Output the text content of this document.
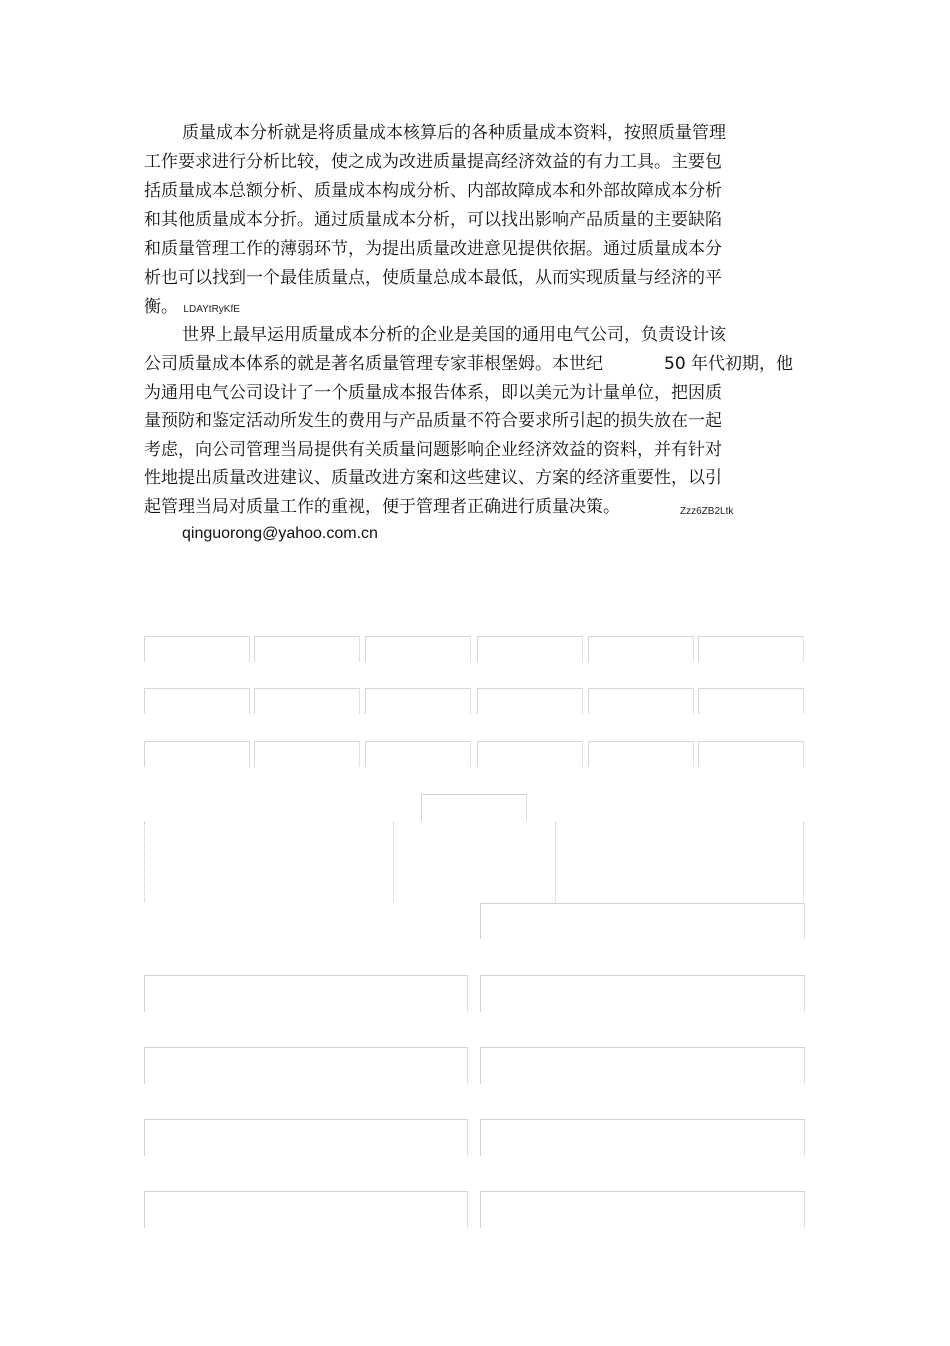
质量成本分析就是将质量成本核算后的各种质量成本资料，按照质量管理
工作要求进行分析比较，使之成为改进质量提高经济效益的有力工具。主要包
括质量成本总额分析、质量成本构成分析、内部故障成本和外部故障成本分析
和其他质量成本分折。通过质量成本分析，可以找出影响产品质量的主要缺陷
和质量管理工作的薄弱环节，为提出质量改进意见提供依据。通过质量成本分
析也可以找到一个最佳质量点，使质量总成本最低，从而实现质量与经济的平
衡。 LDAYtRyKfE
世界上最早运用质量成本分析的企业是美国的通用电气公司，负责设计该
公司质量成本体系的就是著名质量管理专家菲根堡姆。本世纪	50 年代初期，他
为通用电气公司设计了一个质量成本报告体系，即以美元为计量单位，把因质
量预防和鉴定活动所发生的费用与产品质量不符合要求所引起的损失放在一起
考虑，向公司管理当局提供有关质量问题影响企业经济效益的资料，并有针对
性地提出质量改进建议、质量改进方案和这些建议、方案的经济重要性，以引
起管理当局对质量工作的重视，便于管理者正确进行质量决策。	Zzz6ZB2Ltk
qinguorong@yahoo.com.cn
